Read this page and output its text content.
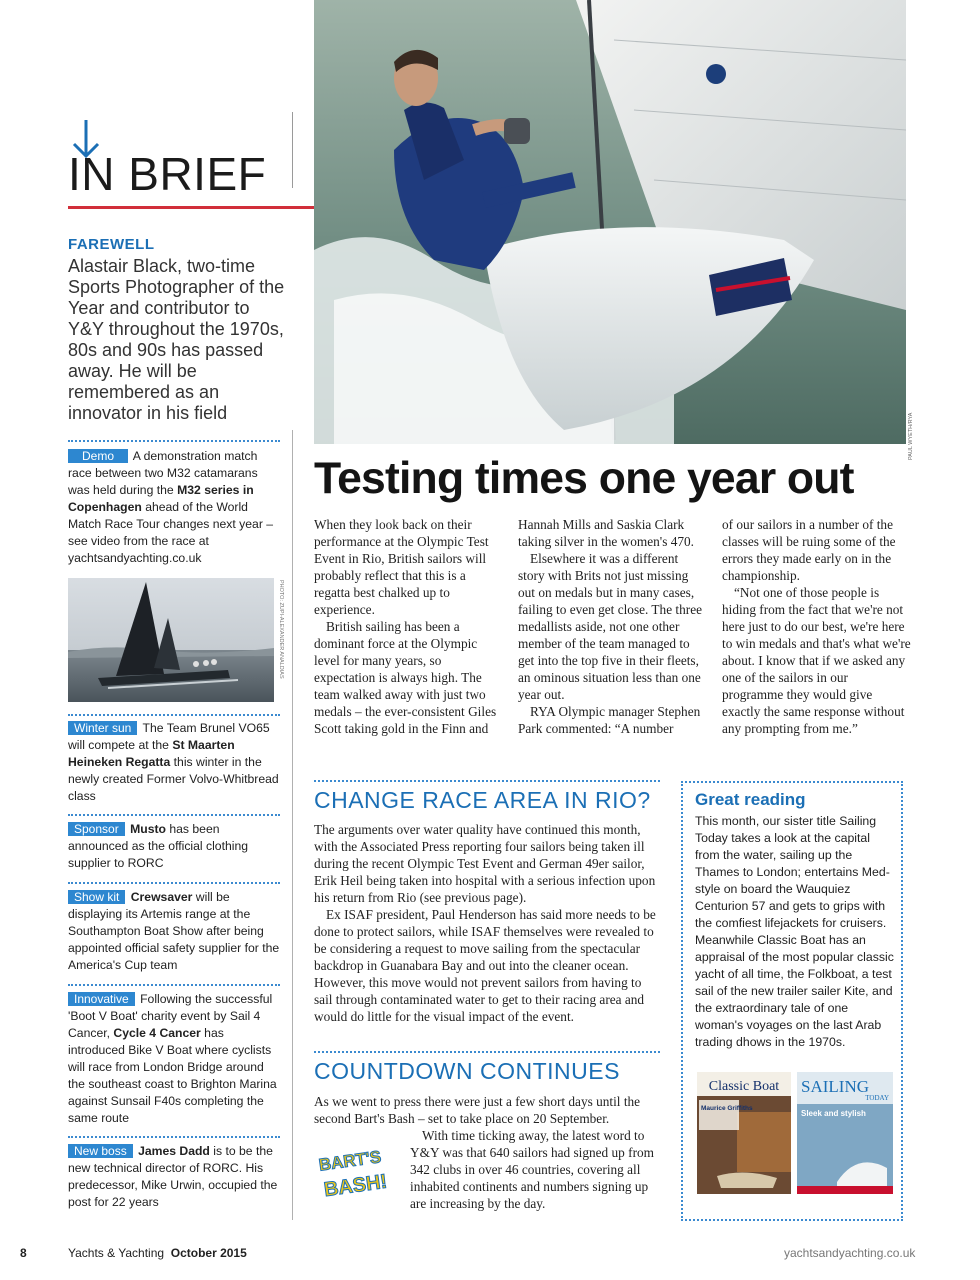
IN BRIEF
FAREWELL
Alastair Black, two-time Sports Photographer of the Year and contributor to Y&Y throughout the 1970s, 80s and 90s has passed away. He will be remembered as an innovator in his field
Demo A demonstration match race between two M32 catamarans was held during the M32 series in Copenhagen ahead of the World Match Race Tour changes next year – see video from the race at yachtsandyachting.co.uk
PHOTO: ZUPI-ALEXANDER ANALDIAS
Winter sun The Team Brunel VO65 will compete at the St Maarten Heineken Regatta this winter in the newly created Former Volvo-Whitbread class
Sponsor Musto has been announced as the official clothing supplier to RORC
Show kit Crewsaver will be displaying its Artemis range at the Southampton Boat Show after being appointed official safety supplier for the America's Cup team
Innovative Following the successful 'Boot V Boat' charity event by Sail 4 Cancer, Cycle 4 Cancer has introduced Bike V Boat where cyclists will race from London Bridge around the southeast coast to Brighton Marina against Sunsail F40s completing the same route
New boss James Dadd is to be the new technical director of RORC. His predecessor, Mike Urwin, occupied the post for 22 years
PAUL WYETH/RYA
Testing times one year out

When they look back on their performance at the Olympic Test Event in Rio, British sailors will probably reflect that this is a regatta best chalked up to experience.

British sailing has been a dominant force at the Olympic level for many years, so expectation is always high. The team walked away with just two medals – the ever-consistent Giles Scott taking gold in the Finn and

Hannah Mills and Saskia Clark taking silver in the women's 470.

Elsewhere it was a different story with Brits not just missing out on medals but in many cases, failing to even get close. The three medallists aside, not one other member of the team managed to get into the top five in their fleets, an ominous situation less than one year out.

RYA Olympic manager Stephen Park commented: “A number

of our sailors in a number of the classes will be ruing some of the errors they made early on in the championship.

“Not one of those people is hiding from the fact that we're not here just to do our best, we're here to win medals and that's what we're about. I know that if we asked any one of the sailors in our programme they would give exactly the same response without any prompting from me.”

CHANGE RACE AREA IN RIO?

The arguments over water quality have continued this month, with the Associated Press reporting four sailors being taken ill during the recent Olympic Test Event and German 49er sailor, Erik Heil being taken into hospital with a serious infection upon his return from Rio (see previous page).

Ex ISAF president, Paul Henderson has said more needs to be done to protect sailors, while ISAF themselves were revealed to be considering a request to move sailing from the spectacular backdrop in Guanabara Bay and out into the cleaner ocean. However, this move would not prevent sailors from having to sail through contaminated water to get to their racing area and would do little for the visual impact of the event.

COUNTDOWN CONTINUES
As we went to press there were just a few short days until the second Bart's Bash – set to take place on 20 September.
With time ticking away, the latest word to Y&Y was that 640 sailors had signed up from 342 clubs in over 46 countries, covering all inhabited continents and numbers signing up are increasing by the day.
BART'S
BASH!
Great reading
This month, our sister title Sailing Today takes a look at the capital from the water, sailing up the Thames to London; entertains Med-style on board the Wauquiez Centurion 57 and gets to grips with the comfiest lifejackets for cruisers. Meanwhile Classic Boat has an appraisal of the most popular classic yacht of all time, the Folkboat, a test sail of the new trailer sailer Kite, and the extraordinary tale of one woman's voyages on the last Arab trading dhows in the 1970s.
Classic Boat
Maurice Griffiths
SAILING
TODAY
Sleek and stylish
8	Yachts & Yachting October 2015	yachtsandyachting.co.uk
